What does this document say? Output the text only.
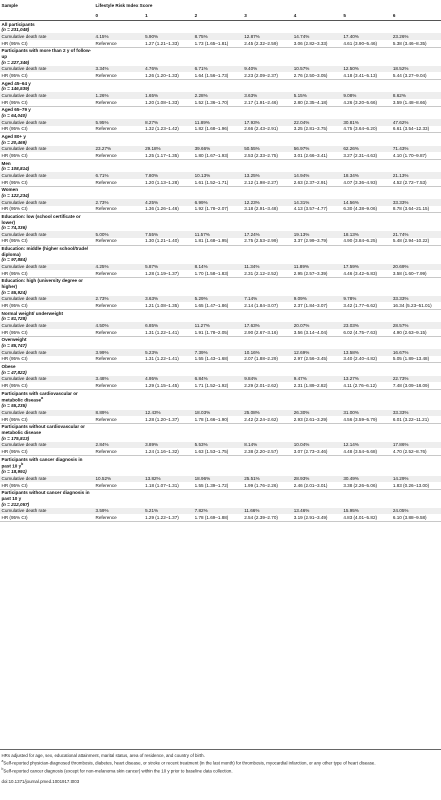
Sample	Lifestyle Risk Index Score						
	0	1	2	3	4	5	6
All participants
(n = 231,048)							
Cumulative death rate	4.15%	5.90%	8.75%	12.87%	14.74%	17.40%	23.26%
HR (95% CI)	Reference	1.27 (1.21–1.33)	1.73 (1.65–1.81)	2.45 (2.32–2.59)	3.06 (2.82–3.33)	4.61 (3.90–5.46)	5.38 (3.46–8.35)
Participants with more than 2 y of follow-up
(n = 227,346)							
Cumulative death rate	3.34%	4.76%	6.71%	9.40%	10.57%	12.50%	18.52%
HR (95% CI)	Reference	1.26 (1.20–1.33)	1.64 (1.56–1.73)	2.23 (2.09–2.37)	2.76 (2.50–3.05)	4.18 (3.41–5.13)	5.44 (3.27–9.04)
Aged 45–64 y
(n = 146,539)							
Cumulative death rate	1.26%	1.65%	2.28%	3.63%	5.15%	9.08%	8.62%
HR (95% CI)	Reference	1.20 (1.08–1.33)	1.52 (1.36–1.70)	2.17 (1.91–2.46)	2.80 (2.35–4.18)	4.26 (3.20–5.66)	3.59 (1.48–8.66)
Aged 65–79 y
(n = 64,040)							
Cumulative death rate	5.95%	8.27%	11.89%	17.93%	22.04%	30.81%	47.62%
HR (95% CI)	Reference	1.32 (1.23–1.42)	1.82 (1.68–1.96)	2.66 (2.43–2.91)	3.25 (2.81–3.75)	4.75 (3.64–6.20)	6.61 (3.54–12.33)
Aged 80+ y
(n = 20,469)							
Cumulative death rate	23.27%	29.18%	39.66%	50.55%	56.97%	62.26%	71.43%
HR (95% CI)	Reference	1.25 (1.17–1.35)	1.80 (1.67–1.93)	2.53 (2.33–2.75)	3.01 (2.66–3.41)	3.27 (2.31–4.63)	4.10 (1.70–9.87)
Men
(n = 108,814)							
Cumulative death rate	6.71%	7.80%	10.13%	13.25%	14.94%	18.34%	21.13%
HR (95% CI)	Reference	1.20 (1.13–1.28)	1.61 (1.52–1.71)	2.12 (1.98–2.27)	2.63 (2.37–2.91)	4.07 (3.36–4.93)	4.52 (2.72–7.53)
Women
(n = 122,234)							
Cumulative death rate	2.73%	4.25%	6.99%	12.23%	14.31%	14.56%	33.33%
HR (95% CI)	Reference	1.36 (1.26–1.46)	1.92 (1.78–2.07)	3.18 (2.91–3.48)	4.13 (3.57–4.77)	6.30 (4.38–9.06)	8.78 (3.64–21.15)
Education: low (school certificate or lower)
(n = 74,336)							
Cumulative death rate	5.00%	7.55%	11.57%	17.24%	19.13%	18.13%	21.74%
HR (95% CI)	Reference	1.30 (1.21–1.40)	1.81 (1.68–1.95)	2.75 (2.53–2.99)	3.37 (2.99–3.79)	4.90 (3.84–6.25)	5.48 (2.94–10.22)
Education: middle (higher school/trade/ diploma)
(n = 97,884)							
Cumulative death rate	4.25%	5.87%	8.14%	11.34%	11.89%	17.59%	20.69%
HR (95% CI)	Reference	1.28 (1.19–1.37)	1.70 (1.58–1.83)	2.31 (2.12–2.52)	2.95 (2.57–3.39)	4.46 (3.42–5.83)	3.58 (1.60–7.99)
Education: high (university degree or higher)
(n = 55,924)							
Cumulative death rate	2.73%	3.63%	5.29%	7.14%	9.09%	9.78%	33.33%
HR (95% CI)	Reference	1.21 (1.08–1.35)	1.65 (1.47–1.86)	2.14 (1.84–3.07)	2.37 (1.84–3.07)	3.42 (1.77–6.62)	16.34 (5.23–51.01)
Normal weight/ underweight
(n = 81,728)							
Cumulative death rate	4.50%	6.85%	11.27%	17.63%	20.07%	23.03%	28.57%
HR (95% CI)	Reference	1.31 (1.22–1.41)	1.91 (1.78–2.05)	2.90 (2.67–3.16)	3.56 (3.14–4.04)	6.02 (4.75–7.63)	4.90 (2.63–9.15)
Overweight
(n = 85,747)							
Cumulative death rate	3.99%	5.23%	7.39%	10.16%	12.69%	13.58%	16.67%
HR (95% CI)	Reference	1.31 (1.22–1.41)	1.55 (1.43–1.68)	2.07 (1.88–2.29)	2.97 (2.56–3.45)	3.40 (2.40–4.82)	5.05 (1.89–13.48)
Obese
(n = 47,822)							
Cumulative death rate	3.48%	4.95%	6.84%	9.84%	9.47%	13.27%	22.73%
HR (95% CI)	Reference	1.29 (1.15–1.45)	1.71 (1.52–1.92)	2.29 (2.01–2.62)	2.31 (1.89–2.82)	4.11 (2.76–6.12)	7.48 (3.09–18.09)
Participants with cardiovascular or metabolic disease$^a$
(n = 55,235)							
Cumulative death rate	8.89%	12.43%	18.03%	25.08%	26.30%	31.00%	33.33%
HR (95% CI)	Reference	1.28 (1.20–1.37)	1.78 (1.66–1.90)	2.42 (2.24–2.62)	2.93 (2.61–3.29)	4.56 (3.59–5.79)	6.01 (3.22–11.21)
Participants without cardiovascular or metabolic disease
(n = 175,813)							
Cumulative death rate	2.84%	3.89%	5.53%	8.14%	10.04%	12.14%	17.86%
HR (95% CI)	Reference	1.24 (1.16–1.32)	1.63 (1.53–1.75)	2.38 (2.20–2.57)	3.07 (2.73–3.46)	4.48 (3.54–5.68)	4.70 (2.52–8.76)
Participants with cancer diagnosis in past 10 $y^b$
(n = 18,991)							
Cumulative death rate	10.52%	13.82%	18.96%	25.51%	28.93%	30.49%	14.29%
HR (95% CI)	Reference	1.18 (1.07–1.31)	1.55 (1.39–1.72)	1.99 (1.76–2.26)	2.46 (2.01–3.01)	3.38 (2.26–5.06)	1.83 (0.26–13.00)
Participants without cancer diagnosis in past 10 y
(n = 212,057)							
Cumulative death rate	3.59%	5.21%	7.82%	11.66%	13.46%	15.95%	24.05%
HR (95% CI)	Reference	1.29 (1.22–1.37)	1.78 (1.69–1.88)	2.54 (2.39–2.70)	3.19 (2.91–3.49)	4.83 (4.01–5.82)	6.10 (3.88–9.58)

HRs adjusted for age, sex, educational attainment, marital status, area of residence, and country of birth.

$^a$Self-reported physician-diagnosed thrombosis, diabetes, heart disease, or stroke or recent treatment (in the last month) for thrombosis, myocardial infarction, or any other type of heart disease.

$^b$Self-reported cancer diagnosis (except for non-melanoma skin cancer) within the 10 y prior to baseline data collection.

doi:10.1371/journal.pmed.1001917.t003
